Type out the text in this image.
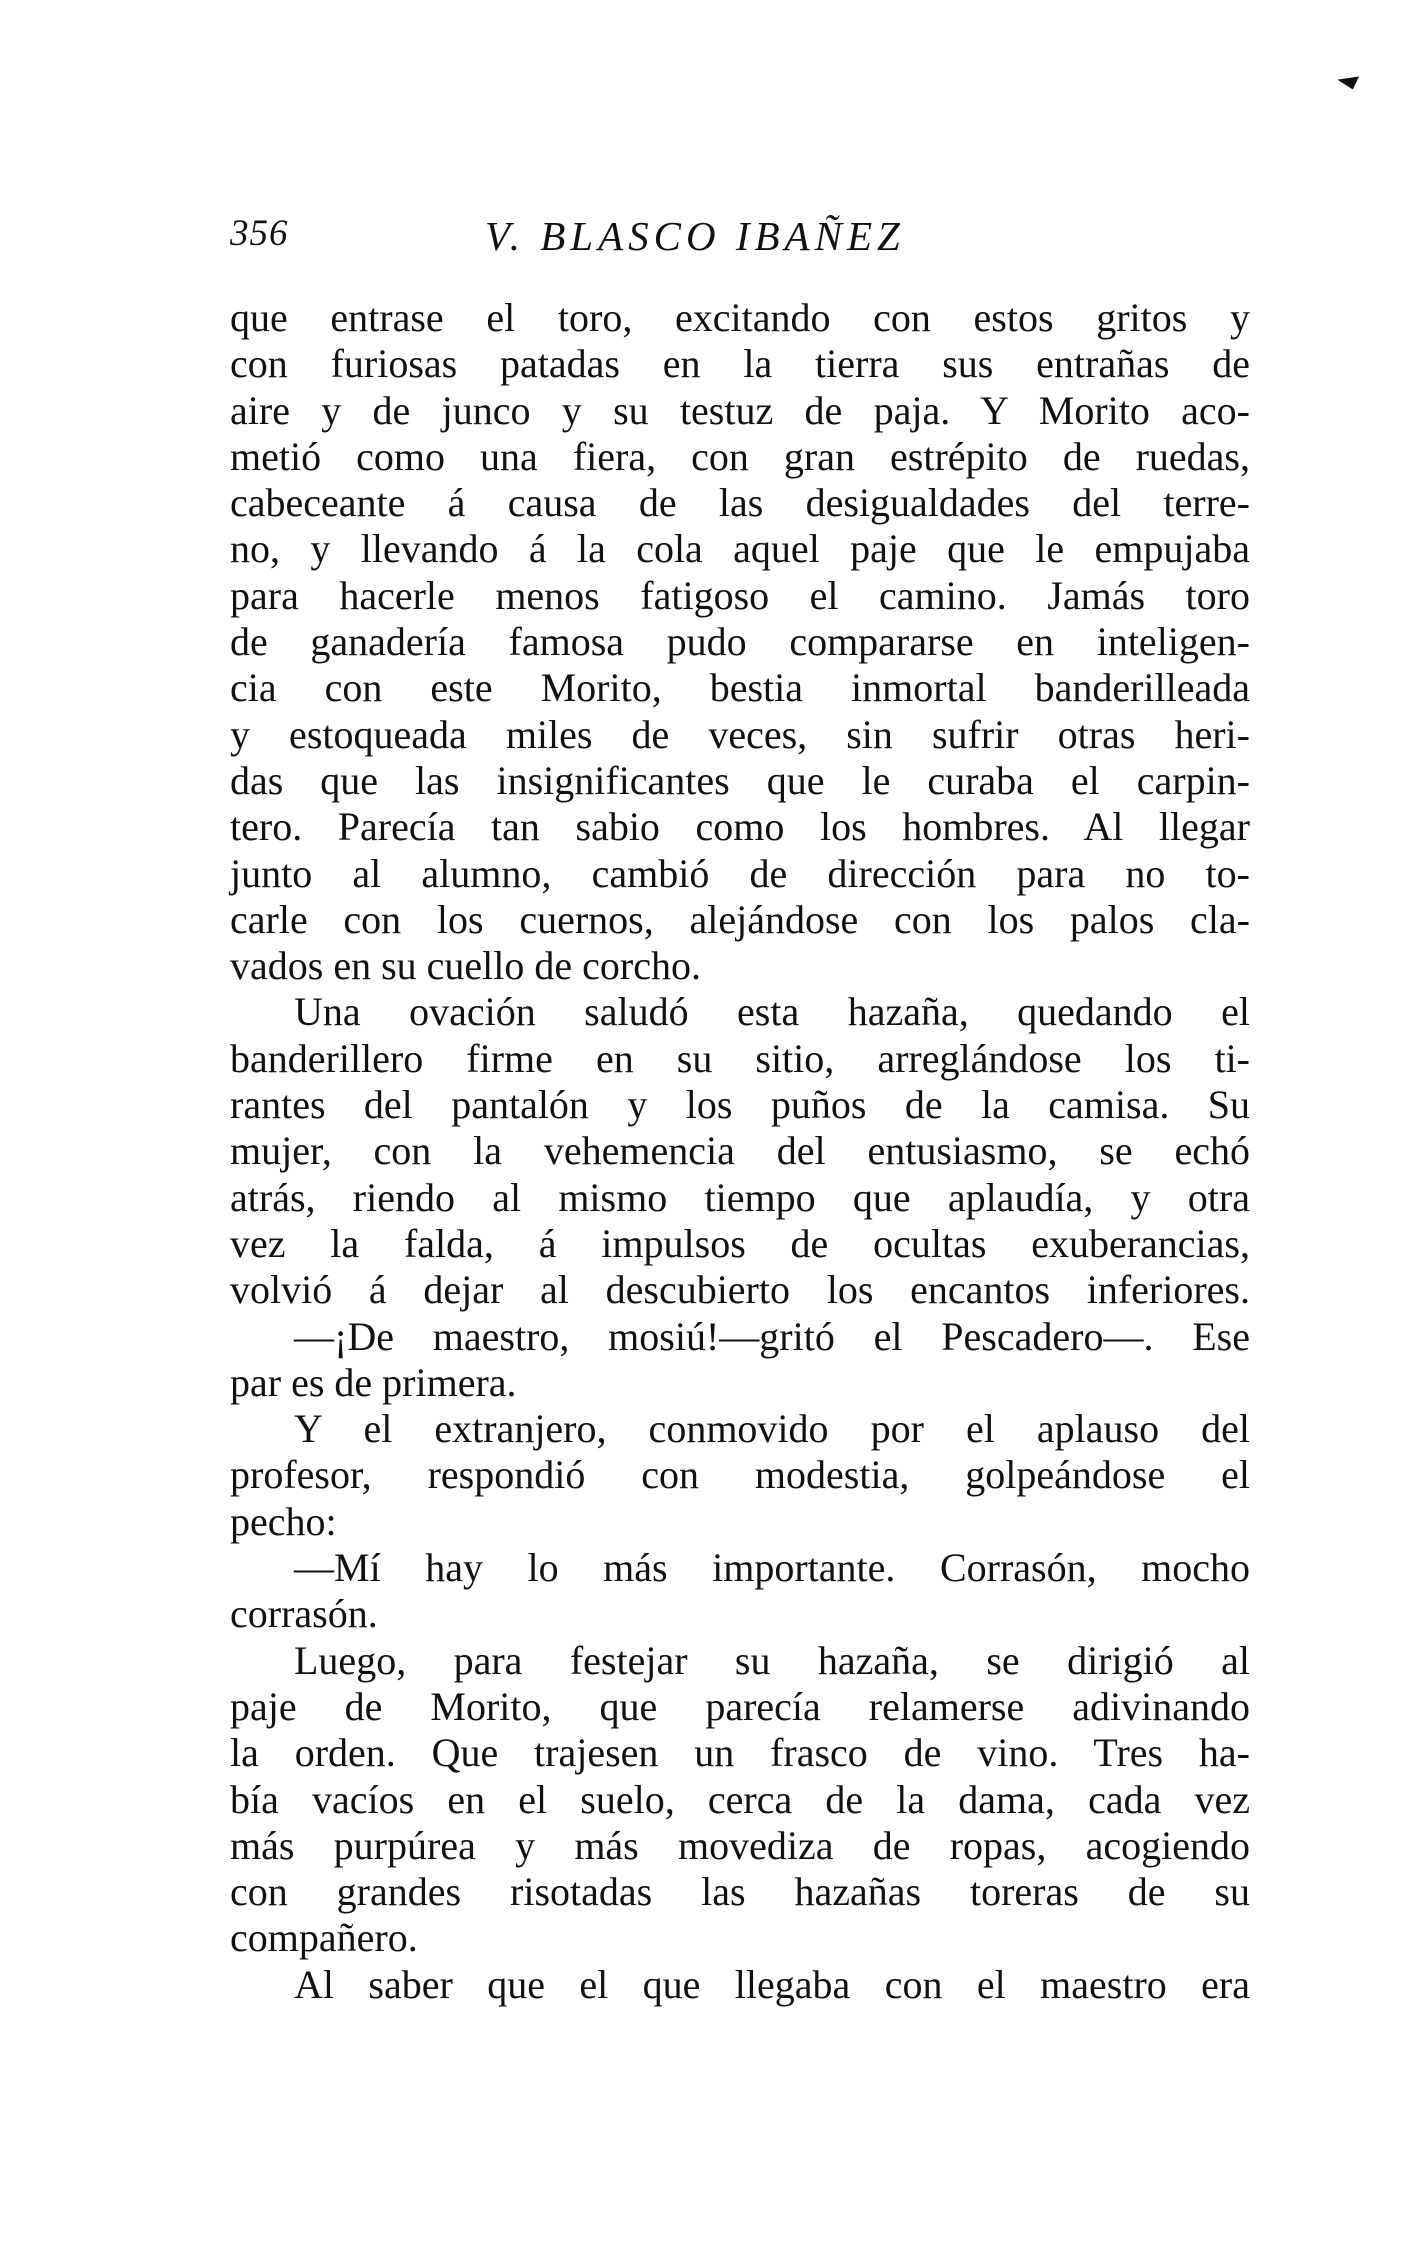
356	V. BLASCO IBAÑEZ
que entrase el toro, excitando con estos gritos y
con furiosas patadas en la tierra sus entrañas de
aire y de junco y su testuz de paja. Y Morito aco-
metió como una fiera, con gran estrépito de ruedas,
cabeceante á causa de las desigualdades del terre-
no, y llevando á la cola aquel paje que le empujaba
para hacerle menos fatigoso el camino. Jamás toro
de ganadería famosa pudo compararse en inteligen-
cia con este Morito, bestia inmortal banderilleada
y estoqueada miles de veces, sin sufrir otras heri-
das que las insignificantes que le curaba el carpin-
tero. Parecía tan sabio como los hombres. Al llegar
junto al alumno, cambió de dirección para no to-
carle con los cuernos, alejándose con los palos cla-
vados en su cuello de corcho.
Una ovación saludó esta hazaña, quedando el
banderillero firme en su sitio, arreglándose los ti-
rantes del pantalón y los puños de la camisa. Su
mujer, con la vehemencia del entusiasmo, se echó
atrás, riendo al mismo tiempo que aplaudía, y otra
vez la falda, á impulsos de ocultas exuberancias,
volvió á dejar al descubierto los encantos inferiores.
—¡De maestro, mosiú!—gritó el Pescadero—. Ese
par es de primera.
Y el extranjero, conmovido por el aplauso del
profesor, respondió con modestia, golpeándose el
pecho:
—Mí hay lo más importante. Corrasón, mocho
corrasón.
Luego, para festejar su hazaña, se dirigió al
paje de Morito, que parecía relamerse adivinando
la orden. Que trajesen un frasco de vino. Tres ha-
bía vacíos en el suelo, cerca de la dama, cada vez
más purpúrea y más movediza de ropas, acogiendo
con grandes risotadas las hazañas toreras de su
compañero.
Al saber que el que llegaba con el maestro era
